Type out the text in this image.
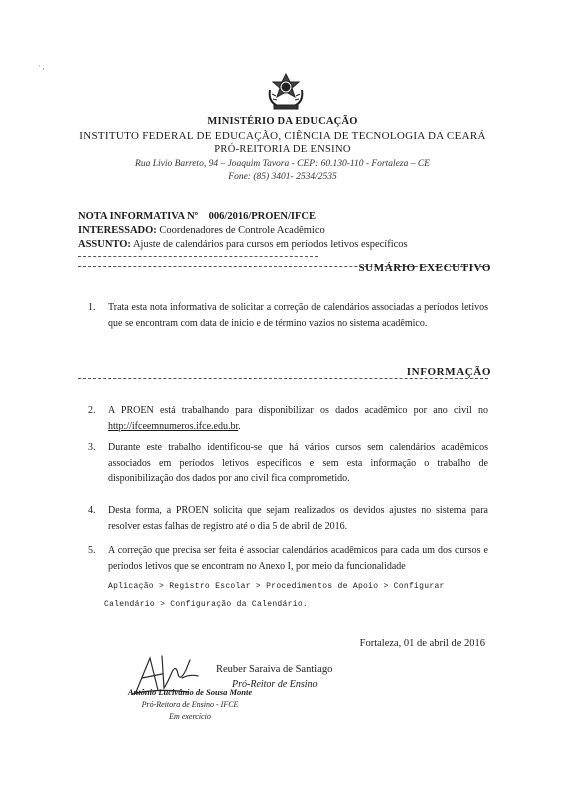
· ,
MINISTÉRIO DA EDUCAÇÃO
INSTITUTO FEDERAL DE EDUCAÇÃO, CIÊNCIA DE TECNOLOGIA DA CEARÁ
PRÓ-REITORIA DE ENSINO
Rua Livio Barreto, 94 – Joaquim Tavora - CEP: 60.130-110 - Fortaleza – CE
Fone: (85) 3401- 2534/2535
NOTA INFORMATIVA Nº 006/2016/PROEN/IFCE
INTERESSADO: Coordenadores de Controle Acadêmico
ASSUNTO: Ajuste de calendários para cursos em períodos letivos específicos
SUMÁRIO EXECUTIVO
1. Trata esta nota informativa de solicitar a correção de calendários associadas a períodos letivos que se encontram com data de início e de término vazios no sistema acadêmico.
INFORMAÇÃO
2. A PROEN está trabalhando para disponibilizar os dados acadêmico por ano civil no http://ifceemnumeros.ifce.edu.br.
3. Durante este trabalho identificou-se que há vários cursos sem calendários acadêmicos associados em períodos letivos específicos e sem esta informação o trabalho de disponibilização dos dados por ano civil fica comprometido.
4. Desta forma, a PROEN solicita que sejam realizados os devidos ajustes no sistema para resolver estas falhas de registro até o dia 5 de abril de 2016.
5. A correção que precisa ser feita é associar calendários acadêmicos para cada um dos cursos e períodos letivos que se encontram no Anexo I, por meio da funcionalidade
Aplicação > Registro Escolar > Procedimentos de Apoio > Configurar
Calendário > Configuração da Calendário.
Fortaleza, 01 de abril de 2016
Reuber Saraiva de Santiago
Pró-Reitor de Ensino
Antônio Lucivânio de Sousa Monte
Pró-Reitora de Ensino - IFCE
Em exercício
